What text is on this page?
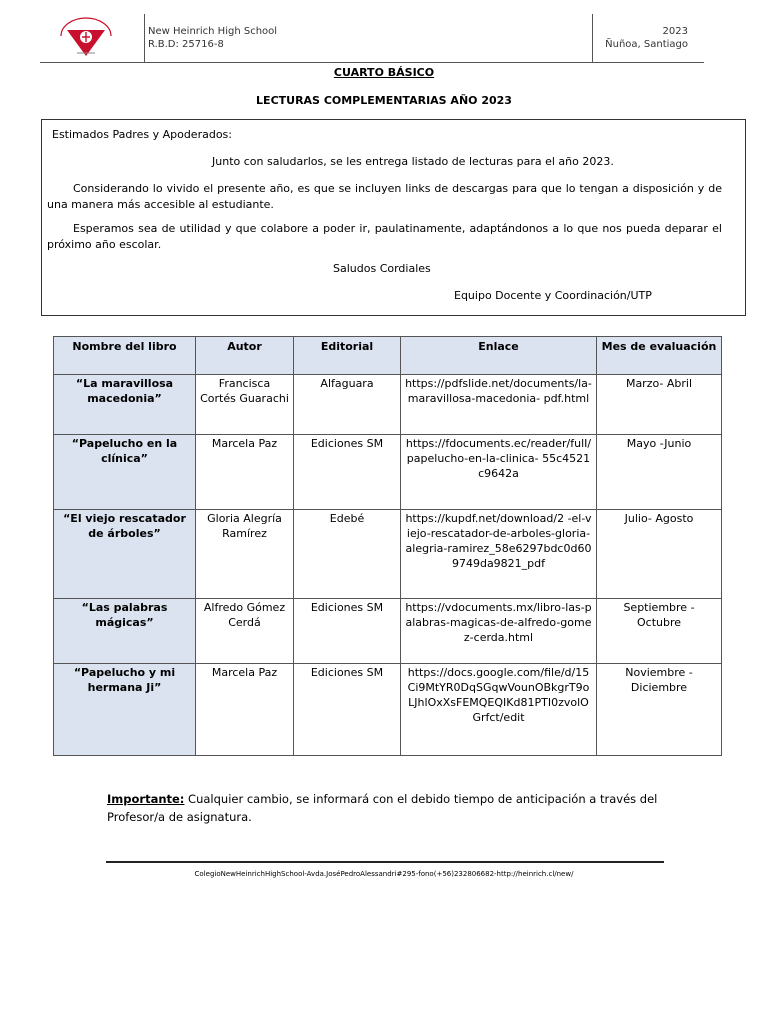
New Heinrich High School
R.B.D: 25716-8
2023
Ñuñoa, Santiago
CUARTO BÁSICO
LECTURAS COMPLEMENTARIAS AÑO 2023

Estimados Padres y Apoderados:

Junto con saludarlos, se les entrega listado de lecturas para el año 2023.

Considerando lo vivido el presente año, es que se incluyen links de descargas para que lo tengan a disposición y de una manera más accesible al estudiante.

Esperamos sea de utilidad y que colabore a poder ir, paulatinamente, adaptándonos a lo que nos pueda deparar el próximo año escolar.

Saludos Cordiales

Equipo Docente y Coordinación/UTP

Nombre del libro	Autor	Editorial	Enlace	Mes de evaluación
“La maravillosa macedonia”	Francisca Cortés Guarachi	Alfaguara	https://pdfslide.net/documents/la-maravillosa-macedonia- pdf.html	Marzo- Abril
“Papelucho en la clínica”	Marcela Paz	Ediciones SM	https://fdocuments.ec/reader/fulI/papelucho-en-la-clinica- 55c4521c9642a	Mayo -Junio
“El viejo rescatador de árboles”	Gloria Alegría Ramírez	Edebé	https://kupdf.net/download/2 -el-viejo-rescatador-de-arboles-gloria-alegria-ramirez_58e6297bdc0d609749da9821_pdf	Julio- Agosto
“Las palabras mágicas”	Alfredo Gómez Cerdá	Ediciones SM	https://vdocuments.mx/libro-las-palabras-magicas-de-alfredo-gomez-cerda.html	Septiembre - Octubre
“Papelucho y mi hermana Ji”	Marcela Paz	Ediciones SM	https://docs.google.com/file/d/15Ci9MtYR0DqSGqwVounOBkgrT9oLJhlOxXsFEMQEQIKd81PTI0zvolOGrfct/edit	Noviembre - Diciembre
Importante: Cualquier cambio, se informará con el debido tiempo de anticipación a través del Profesor/a de asignatura.
ColegioNewHeinrichHighSchool-Avda.JoséPedroAlessandri#295-fono(+56)232806682-http://heinrich.cl/new/
